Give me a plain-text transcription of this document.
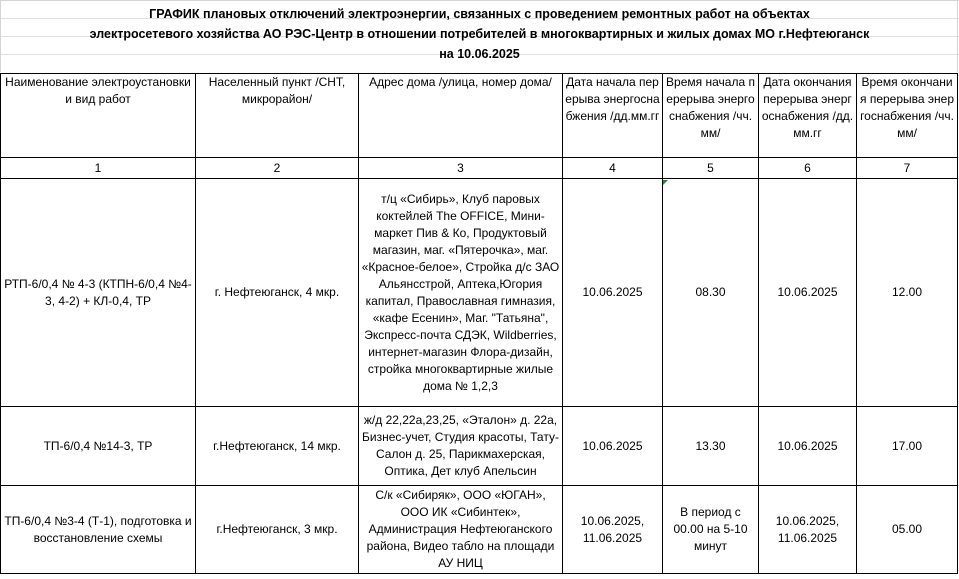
ГРАФИК плановых отключений электроэнергии, связанных с проведением ремонтных работ на объектах
электросетевого хозяйства АО РЭС-Центр в отношении потребителей в многоквартирных и жилых домах МО г.Нефтеюганск
на 10.06.2025
Наименование электроустановки и вид работ	Населенный пункт /СНТ, микрорайон/	Адрес дома /улица, номер дома/	Дата начала перерыва энергоснабжения /дд.мм.гг	Время начала перерыва энергоснабжения /чч.мм/	Дата окончания перерыва энергоснабжения /дд.мм.гг	Время окончания перерыва энергоснабжения /чч.мм/
1	2	3	4	5	6	7
РТП-6/0,4 № 4-3 (КТПН-6/0,4 №4-3, 4-2) + КЛ-0,4, ТР	г. Нефтеюганск, 4 мкр.	т/ц «Сибирь», Клуб паровых коктейлей The OFFICE, Мини-маркет Пив & Ко, Продуктовый магазин, маг. «Пятерочка», маг. «Красное-белое», Стройка д/с ЗАО Альянсстрой, Аптека,Югория капитал, Православная гимназия, «кафе Есенин», Маг. "Татьяна", Экспресс-почта СДЭК, Wildberries, интернет-магазин Флора-дизайн, стройка многоквартирные жилые дома № 1,2,3	10.06.2025	08.30	10.06.2025	12.00
ТП-6/0,4 №14-3, ТР	г.Нефтеюганск, 14 мкр.	ж/д 22,22а,23,25, «Эталон» д. 22а, Бизнес-учет, Студия красоты, Тату-Салон д. 25, Парикмахерская, Оптика, Дет клуб Апельсин	10.06.2025	13.30	10.06.2025	17.00
ТП-6/0,4 №3-4 (Т-1), подготовка и восстановление схемы	г.Нефтеюганск, 3 мкр.	С/к «Сибиряк», ООО «ЮГАН», ООО ИК «Сибинтек», Администрация Нефтеюганского района, Видео табло на площади АУ НИЦ	10.06.2025, 11.06.2025	В период с 00.00 на 5-10 минут	10.06.2025, 11.06.2025	05.00
